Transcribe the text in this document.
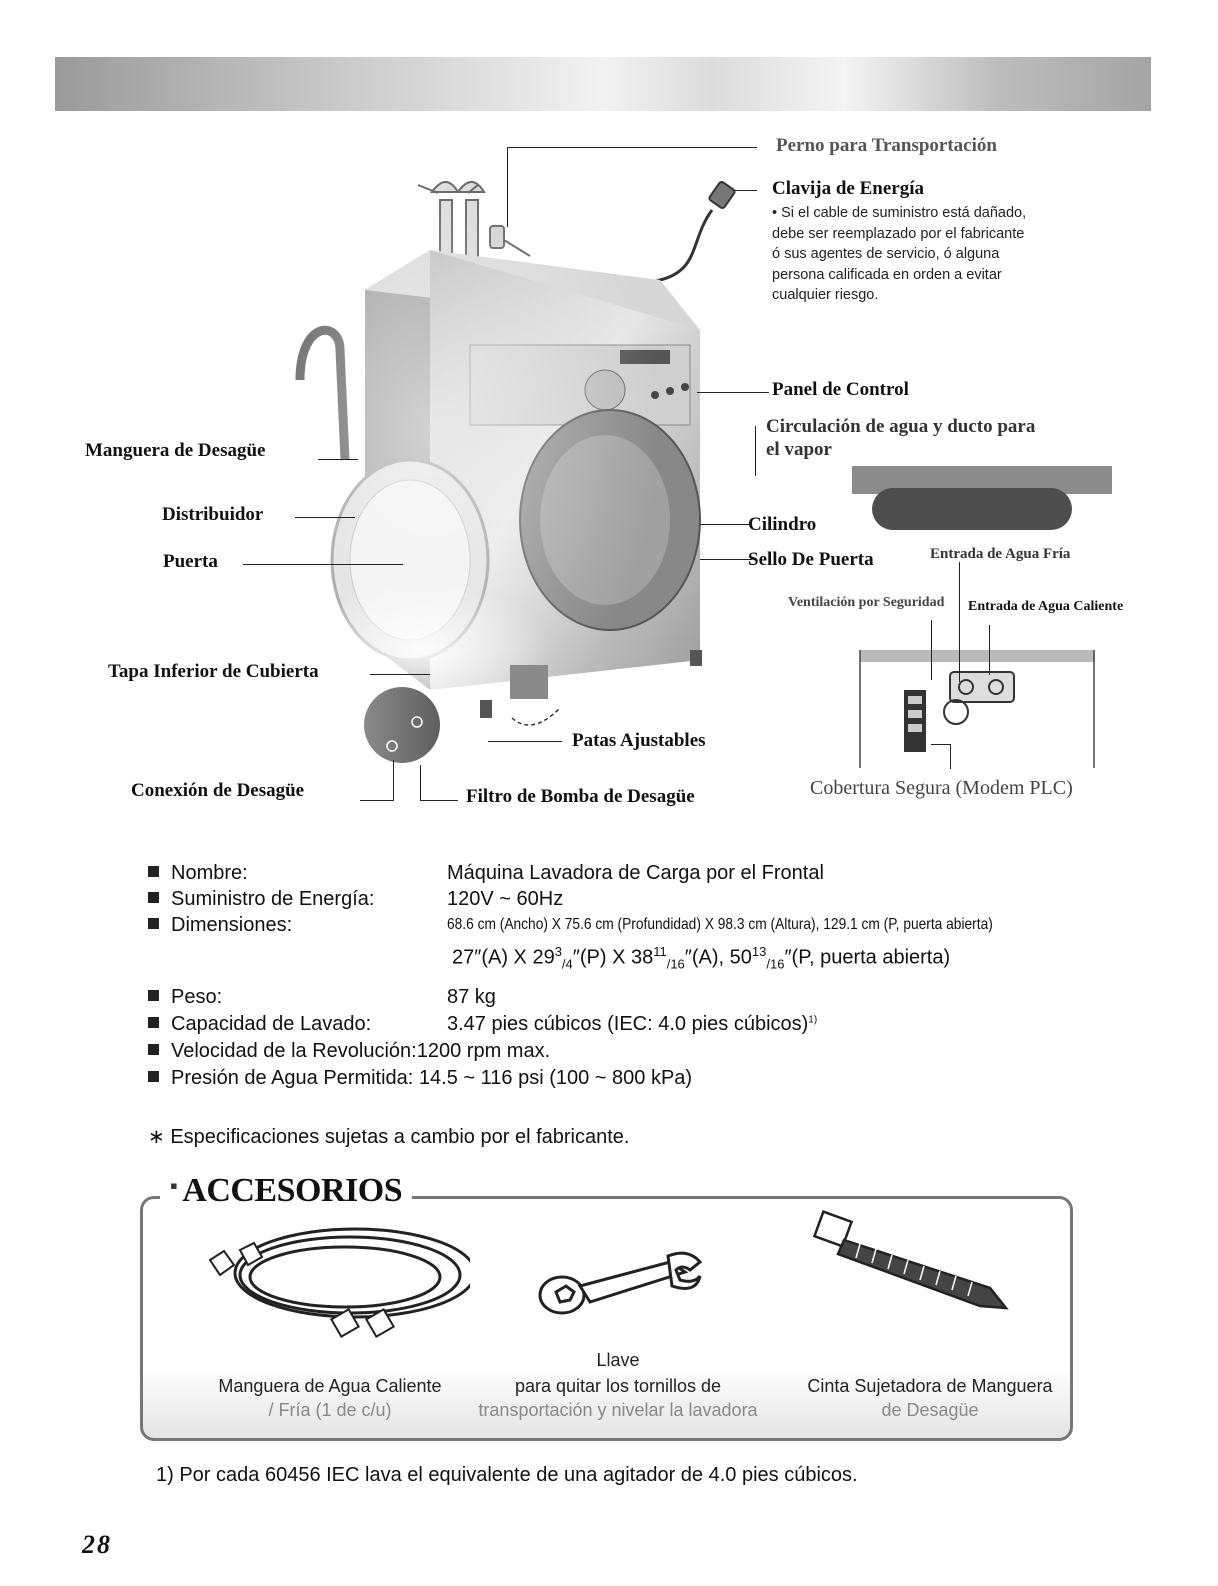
Perno para Transportación
Clavija de Energía
• Si el cable de suministro está dañado, debe ser reemplazado por el fabricante ó sus agentes de servicio, ó alguna persona calificada en orden a evitar cualquier riesgo.
Panel de Control
Circulación de agua y ducto para
el vapor
Manguera de Desagüe
Distribuidor
Puerta
Cilindro
Sello De Puerta	Entrada de Agua Fría
Ventilación por Seguridad Entrada de Agua Caliente
Tapa Inferior de Cubierta
Patas Ajustables
Conexión de Desagüe	Filtro de Bomba de Desagüe	Cobertura Segura (Modem PLC)
Nombre:	Máquina Lavadora de Carga por el Frontal
Suministro de Energía:	120V ~ 60Hz
Dimensiones:	68.6 cm (Ancho) X 75.6 cm (Profundidad) X 98.3 cm (Altura), 129.1 cm (P, puerta abierta)
27″(A) X $29^3_{/4}''(P)$ X $38^{11}_{/16}''(A)$, $50^{13}_{/16}''(P$, puerta abierta)
Peso:	87 kg
Capacidad de Lavado:	3.47 pies cúbicos (IEC: 4.0 pies cúbicos)$^{1)}$
Velocidad de la Revolución:1200 rpm max.
Presión de Agua Permitida: 14.5 ~ 116 psi (100 ~ 800 kPa)
∗ Especificaciones sujetas a cambio por el fabricante.
▪ ACCESORIOS
Manguera de Agua Caliente
/ Fría (1 de c/u)
Llave
para quitar los tornillos de
transportación y nivelar la lavadora
Cinta Sujetadora de Manguera
de Desagüe
1) Por cada 60456 IEC lava el equivalente de una agitador de 4.0 pies cúbicos.
28
